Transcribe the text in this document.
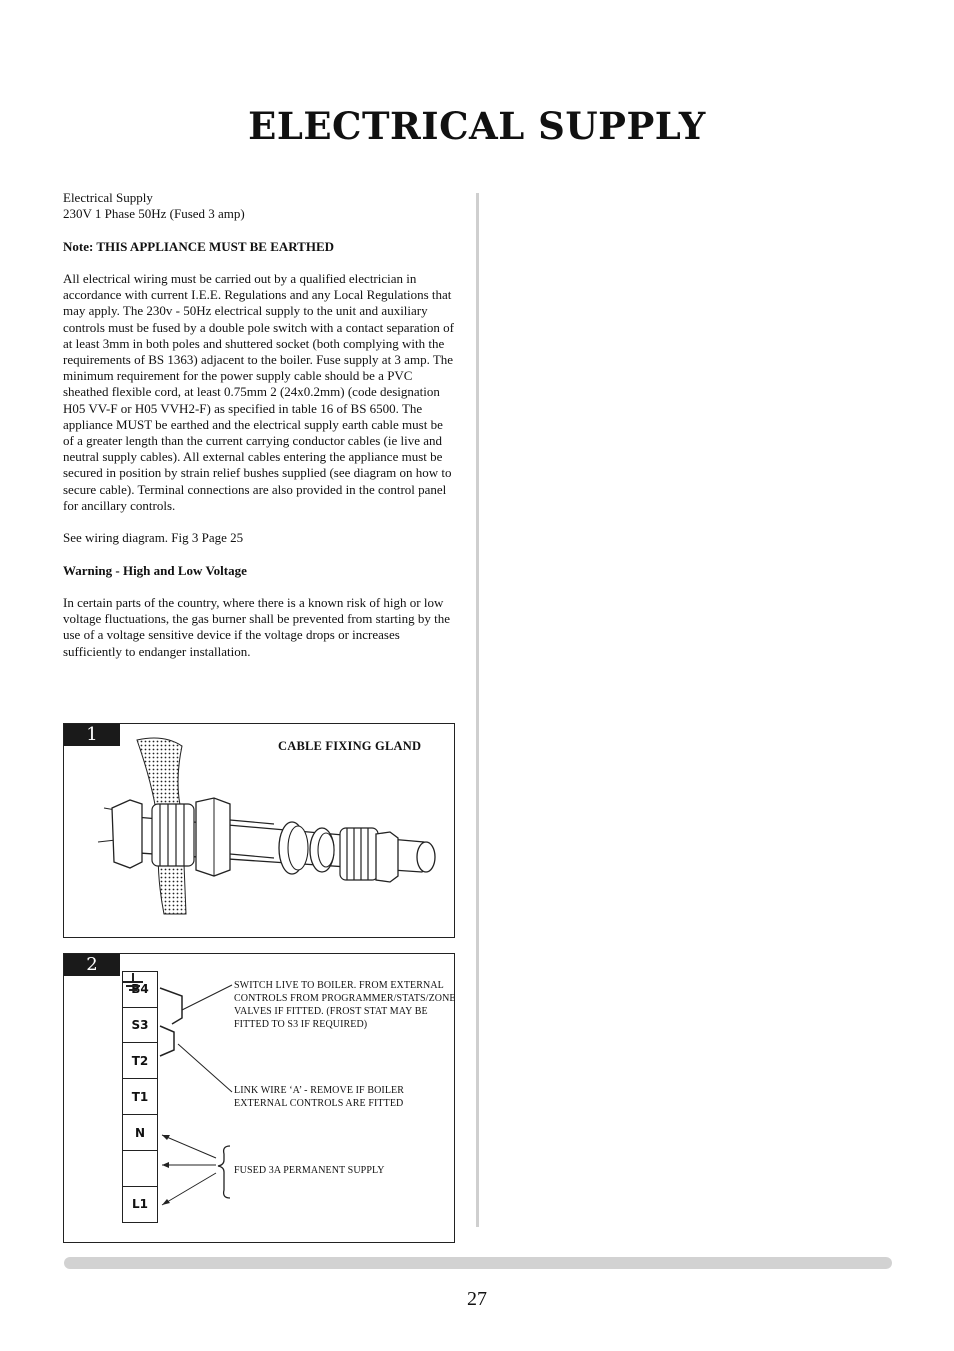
ELECTRICAL SUPPLY

Electrical Supply
230V 1 Phase 50Hz (Fused 3 amp)

Note: THIS APPLIANCE MUST BE EARTHED

All electrical wiring must be carried out by a qualified electrician in accordance with current I.E.E. Regulations and any Local Regulations that may apply. The 230v - 50Hz electrical supply to the unit and auxiliary controls must be fused by a double pole switch with a contact separation of at least 3mm in both poles and shuttered socket (both complying with the requirements of BS 1363) adjacent to the boiler. Fuse supply at 3 amp. The minimum requirement for the power supply cable should be a PVC sheathed flexible cord, at least 0.75mm 2 (24x0.2mm) (code designation H05 VV-F or H05 VVH2-F) as specified in table 16 of BS 6500. The appliance MUST be earthed and the electrical supply earth cable must be of a greater length than the current carrying conductor cables (ie live and neutral supply cables). All external cables entering the appliance must be secured in position by strain relief bushes supplied (see diagram on how to secure cable). Terminal connections are also provided in the control panel for ancillary controls.

See wiring diagram. Fig 3 Page 25

Warning - High and Low Voltage

In certain parts of the country, where there is a known risk of high or low voltage fluctuations, the gas burner shall be prevented from starting by the use of a voltage sensitive device if the voltage drops or increases sufficiently to endanger installation.

1
CABLE FIXING GLAND
2
B4
S3
T2
T1
N
L1
SWITCH LIVE TO BOILER. FROM EXTERNAL CONTROLS FROM PROGRAMMER/STATS/ZONE VALVES IF FITTED. (FROST STAT MAY BE FITTED TO S3 IF REQUIRED)
LINK WIRE ‘A’ - REMOVE IF BOILER EXTERNAL CONTROLS ARE FITTED
FUSED 3A PERMANENT SUPPLY
27
